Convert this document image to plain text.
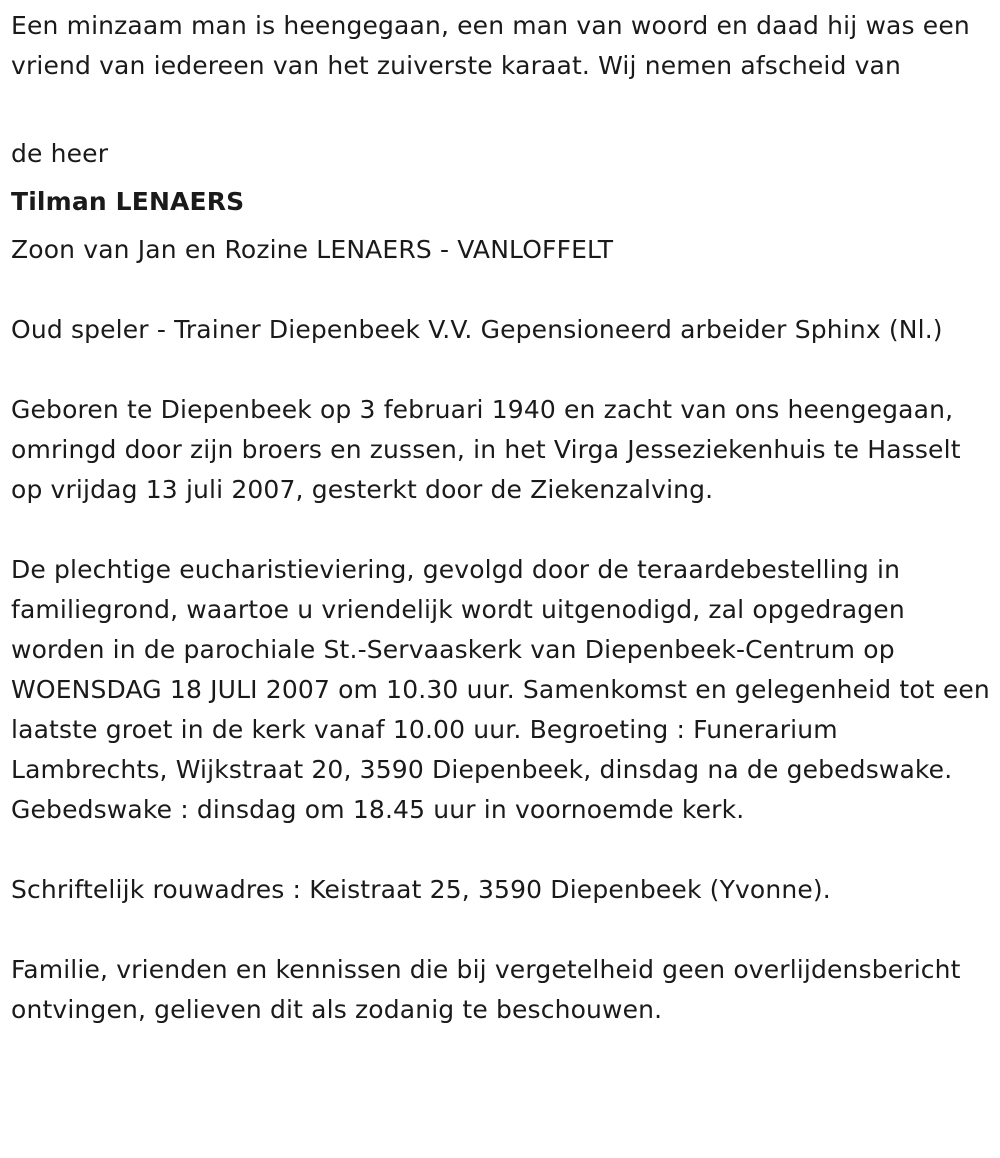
Een minzaam man is heengegaan, een man van woord en daad hij was een vriend van iedereen van het zuiverste karaat. Wij nemen afscheid van

de heer

Tilman LENAERS

Zoon van Jan en Rozine LENAERS - VANLOFFELT

Oud speler - Trainer Diepenbeek V.V. Gepensioneerd arbeider Sphinx (Nl.)

Geboren te Diepenbeek op 3 februari 1940 en zacht van ons heengegaan, omringd door zijn broers en zussen, in het Virga Jesseziekenhuis te Hasselt op vrijdag 13 juli 2007, gesterkt door de Ziekenzalving.

De plechtige eucharistieviering, gevolgd door de teraardebestelling in familiegrond, waartoe u vriendelijk wordt uitgenodigd, zal opgedragen worden in de parochiale St.-Servaaskerk van Diepenbeek-Centrum op WOENSDAG 18 JULI 2007 om 10.30 uur. Samenkomst en gelegenheid tot een laatste groet in de kerk vanaf 10.00 uur. Begroeting : Funerarium Lambrechts, Wijkstraat 20, 3590 Diepenbeek, dinsdag na de gebedswake. Gebedswake : dinsdag om 18.45 uur in voornoemde kerk.

Schriftelijk rouwadres : Keistraat 25, 3590 Diepenbeek (Yvonne).

Familie, vrienden en kennissen die bij vergetelheid geen overlijdensbericht ontvingen, gelieven dit als zodanig te beschouwen.
